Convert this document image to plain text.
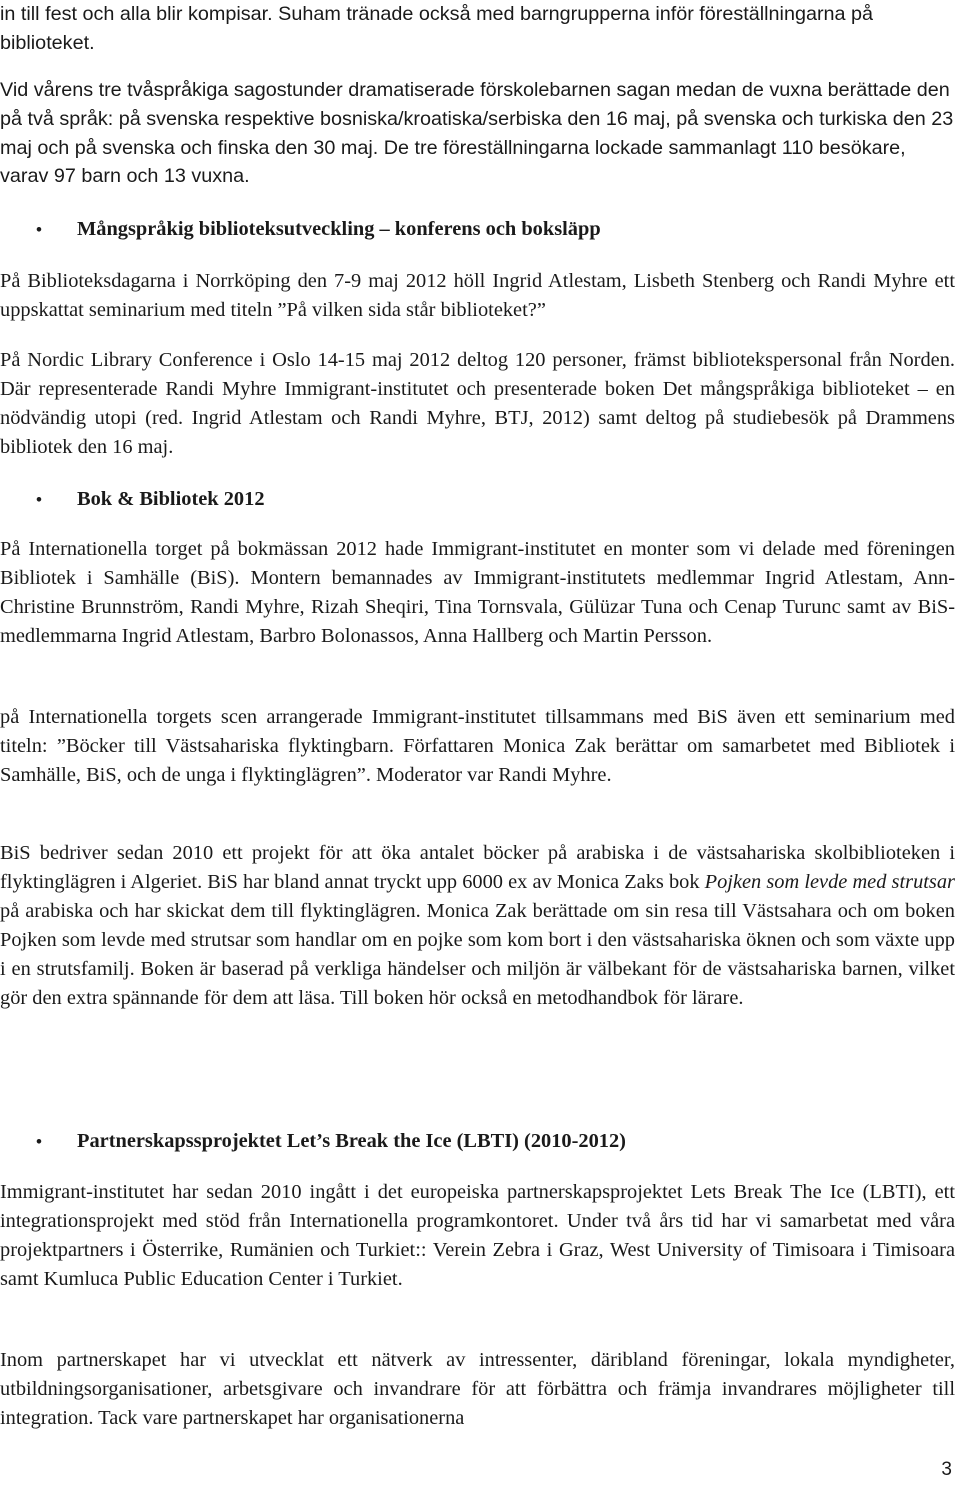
in till fest och alla blir kompisar. Suham tränade också med barngrupperna inför föreställningarna på biblioteket.

Vid vårens tre tvåspråkiga sagostunder dramatiserade förskolebarnen sagan medan de vuxna berättade den på två språk: på svenska respektive bosniska/kroatiska/serbiska den 16 maj, på svenska och turkiska den 23 maj och på svenska och finska den 30 maj. De tre föreställningarna lockade sammanlagt 110 besökare, varav 97 barn och 13 vuxna.

• Mångspråkig biblioteksutveckling – konferens och boksläpp

På Biblioteksdagarna i Norrköping den 7-9 maj 2012 höll Ingrid Atlestam, Lisbeth Stenberg och Randi Myhre ett uppskattat seminarium med titeln ”På vilken sida står biblioteket?”

På Nordic Library Conference i Oslo 14-15 maj 2012 deltog 120 personer, främst bibliotekspersonal från Norden. Där representerade Randi Myhre Immigrant-institutet och presenterade boken Det mångspråkiga biblioteket – en nödvändig utopi (red. Ingrid Atlestam och Randi Myhre, BTJ, 2012) samt deltog på studiebesök på Drammens bibliotek den 16 maj.

• Bok & Bibliotek 2012

På Internationella torget på bokmässan 2012 hade Immigrant-institutet en monter som vi delade med föreningen Bibliotek i Samhälle (BiS). Montern bemannades av Immigrant-institutets medlemmar Ingrid Atlestam, Ann-Christine Brunnström, Randi Myhre, Rizah Sheqiri, Tina Tornsvala, Gülüzar Tuna och Cenap Turunc samt av BiS-medlemmarna Ingrid Atlestam, Barbro Bolonassos, Anna Hallberg och Martin Persson.

på Internationella torgets scen arrangerade Immigrant-institutet tillsammans med BiS även ett seminarium med titeln: ”Böcker till Västsahariska flyktingbarn. Författaren Monica Zak berättar om samarbetet med Bibliotek i Samhälle, BiS, och de unga i flyktinglägren”. Moderator var Randi Myhre.

BiS bedriver sedan 2010 ett projekt för att öka antalet böcker på arabiska i de västsahariska skolbiblioteken i flyktinglägren i Algeriet. BiS har bland annat tryckt upp 6000 ex av Monica Zaks bok Pojken som levde med strutsar på arabiska och har skickat dem till flyktinglägren. Monica Zak berättade om sin resa till Västsahara och om boken Pojken som levde med strutsar som handlar om en pojke som kom bort i den västsahariska öknen och som växte upp i en strutsfamilj. Boken är baserad på verkliga händelser och miljön är välbekant för de västsahariska barnen, vilket gör den extra spännande för dem att läsa. Till boken hör också en metodhandbok för lärare.

• Partnerskapssprojektet Let’s Break the Ice (LBTI) (2010-2012)

Immigrant-institutet har sedan 2010 ingått i det europeiska partnerskapsprojektet Lets Break The Ice (LBTI), ett integrationsprojekt med stöd från Internationella programkontoret. Under två års tid har vi samarbetat med våra projektpartners i Österrike, Rumänien och Turkiet:: Verein Zebra i Graz, West University of Timisoara i Timisoara samt Kumluca Public Education Center i Turkiet.

Inom partnerskapet har vi utvecklat ett nätverk av intressenter, däribland föreningar, lokala myndigheter, utbildningsorganisationer, arbetsgivare och invandrare för att förbättra och främja invandrares möjligheter till integration. Tack vare partnerskapet har organisationerna

3
